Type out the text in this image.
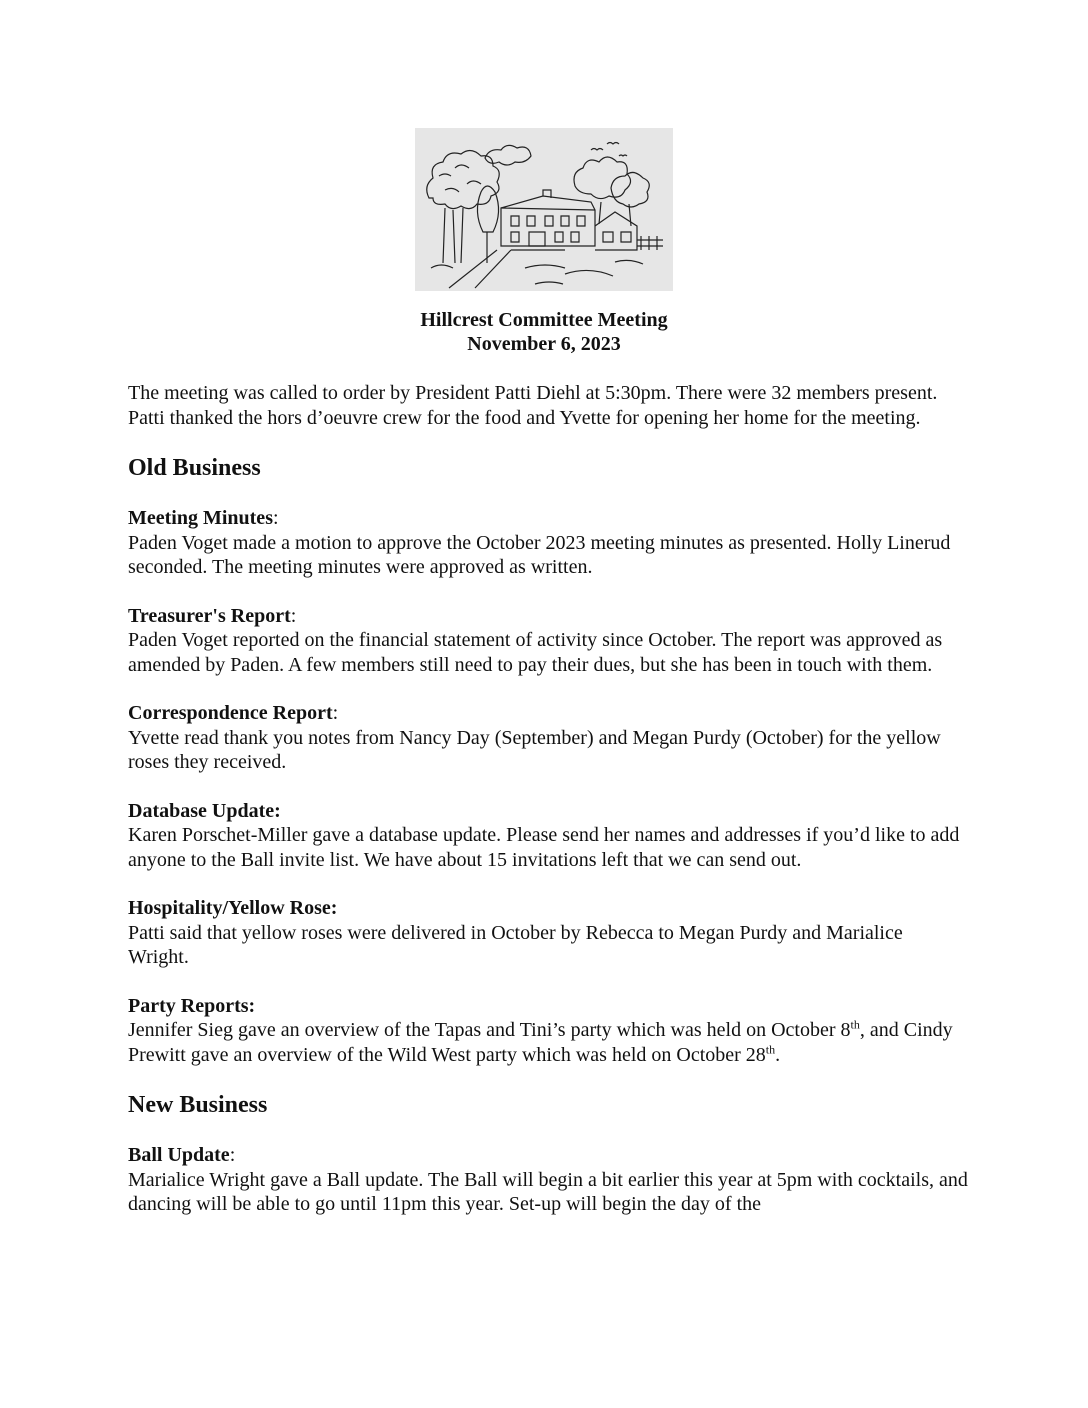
Hillcrest Committee Meeting
November 6, 2023

The meeting was called to order by President Patti Diehl at 5:30pm. There were 32 members present. Patti thanked the hors d’oeuvre crew for the food and Yvette for opening her home for the meeting.

Old Business
Meeting Minutes:

Paden Voget made a motion to approve the October 2023 meeting minutes as presented. Holly Linerud seconded. The meeting minutes were approved as written.

Treasurer's Report:

Paden Voget reported on the financial statement of activity since October. The report was approved as amended by Paden. A few members still need to pay their dues, but she has been in touch with them.

Correspondence Report:

Yvette read thank you notes from Nancy Day (September) and Megan Purdy (October) for the yellow roses they received.

Database Update:

Karen Porschet-Miller gave a database update. Please send her names and addresses if you’d like to add anyone to the Ball invite list. We have about 15 invitations left that we can send out.

Hospitality/Yellow Rose:

Patti said that yellow roses were delivered in October by Rebecca to Megan Purdy and Marialice Wright.

Party Reports:

Jennifer Sieg gave an overview of the Tapas and Tini’s party which was held on October 8th, and Cindy Prewitt gave an overview of the Wild West party which was held on October 28th.

New Business
Ball Update:

Marialice Wright gave a Ball update. The Ball will begin a bit earlier this year at 5pm with cocktails, and dancing will be able to go until 11pm this year. Set-up will begin the day of the
